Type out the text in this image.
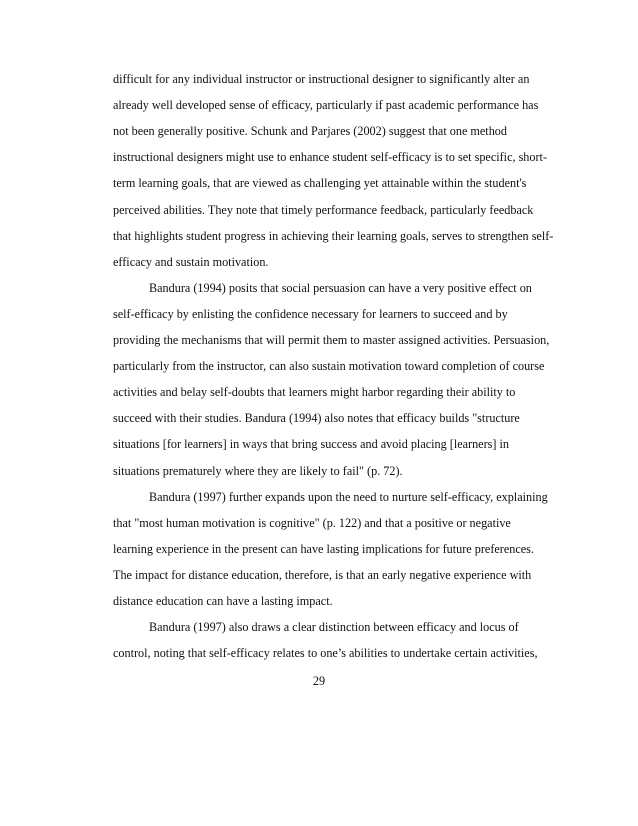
difficult for any individual instructor or instructional designer to significantly alter an
already well developed sense of efficacy, particularly if past academic performance has
not been generally positive. Schunk and Parjares (2002) suggest that one method
instructional designers might use to enhance student self-efficacy is to set specific, short-
term learning goals, that are viewed as challenging yet attainable within the student's
perceived abilities. They note that timely performance feedback, particularly feedback
that highlights student progress in achieving their learning goals, serves to strengthen self-
efficacy and sustain motivation.
Bandura (1994) posits that social persuasion can have a very positive effect on
self-efficacy by enlisting the confidence necessary for learners to succeed and by
providing the mechanisms that will permit them to master assigned activities. Persuasion,
particularly from the instructor, can also sustain motivation toward completion of course
activities and belay self-doubts that learners might harbor regarding their ability to
succeed with their studies. Bandura (1994) also notes that efficacy builds "structure
situations [for learners] in ways that bring success and avoid placing [learners] in
situations prematurely where they are likely to fail" (p. 72).
Bandura (1997) further expands upon the need to nurture self-efficacy, explaining
that "most human motivation is cognitive" (p. 122) and that a positive or negative
learning experience in the present can have lasting implications for future preferences.
The impact for distance education, therefore, is that an early negative experience with
distance education can have a lasting impact.
Bandura (1997) also draws a clear distinction between efficacy and locus of
control, noting that self-efficacy relates to one’s abilities to undertake certain activities,
29
